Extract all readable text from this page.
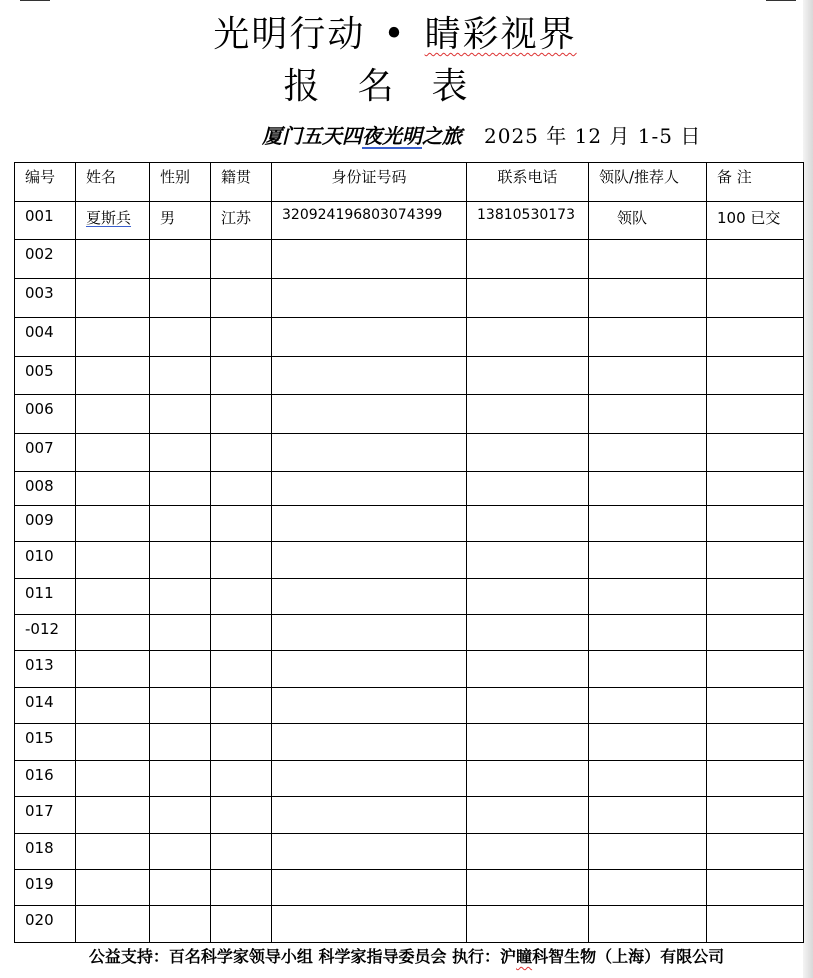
光明行动 • 睛彩视界
报　名　表
厦门五天四夜光明之旅 2025 年 12 月 1-5 日
编号	姓名	性别	籍贯	身份证号码	联系电话	领队/推荐人	备 注
001	夏斯兵	男	江苏	320924196803074399	13810530173	领队	100 已交
002							
003							
004							
005							
006							
007							
008							
009							
010							
011							
-012							
013							
014							
015							
016							
017							
018							
019							
020							
公益支持：百名科学家领导小组 科学家指导委员会 执行：沪瞳科智生物（上海）有限公司
